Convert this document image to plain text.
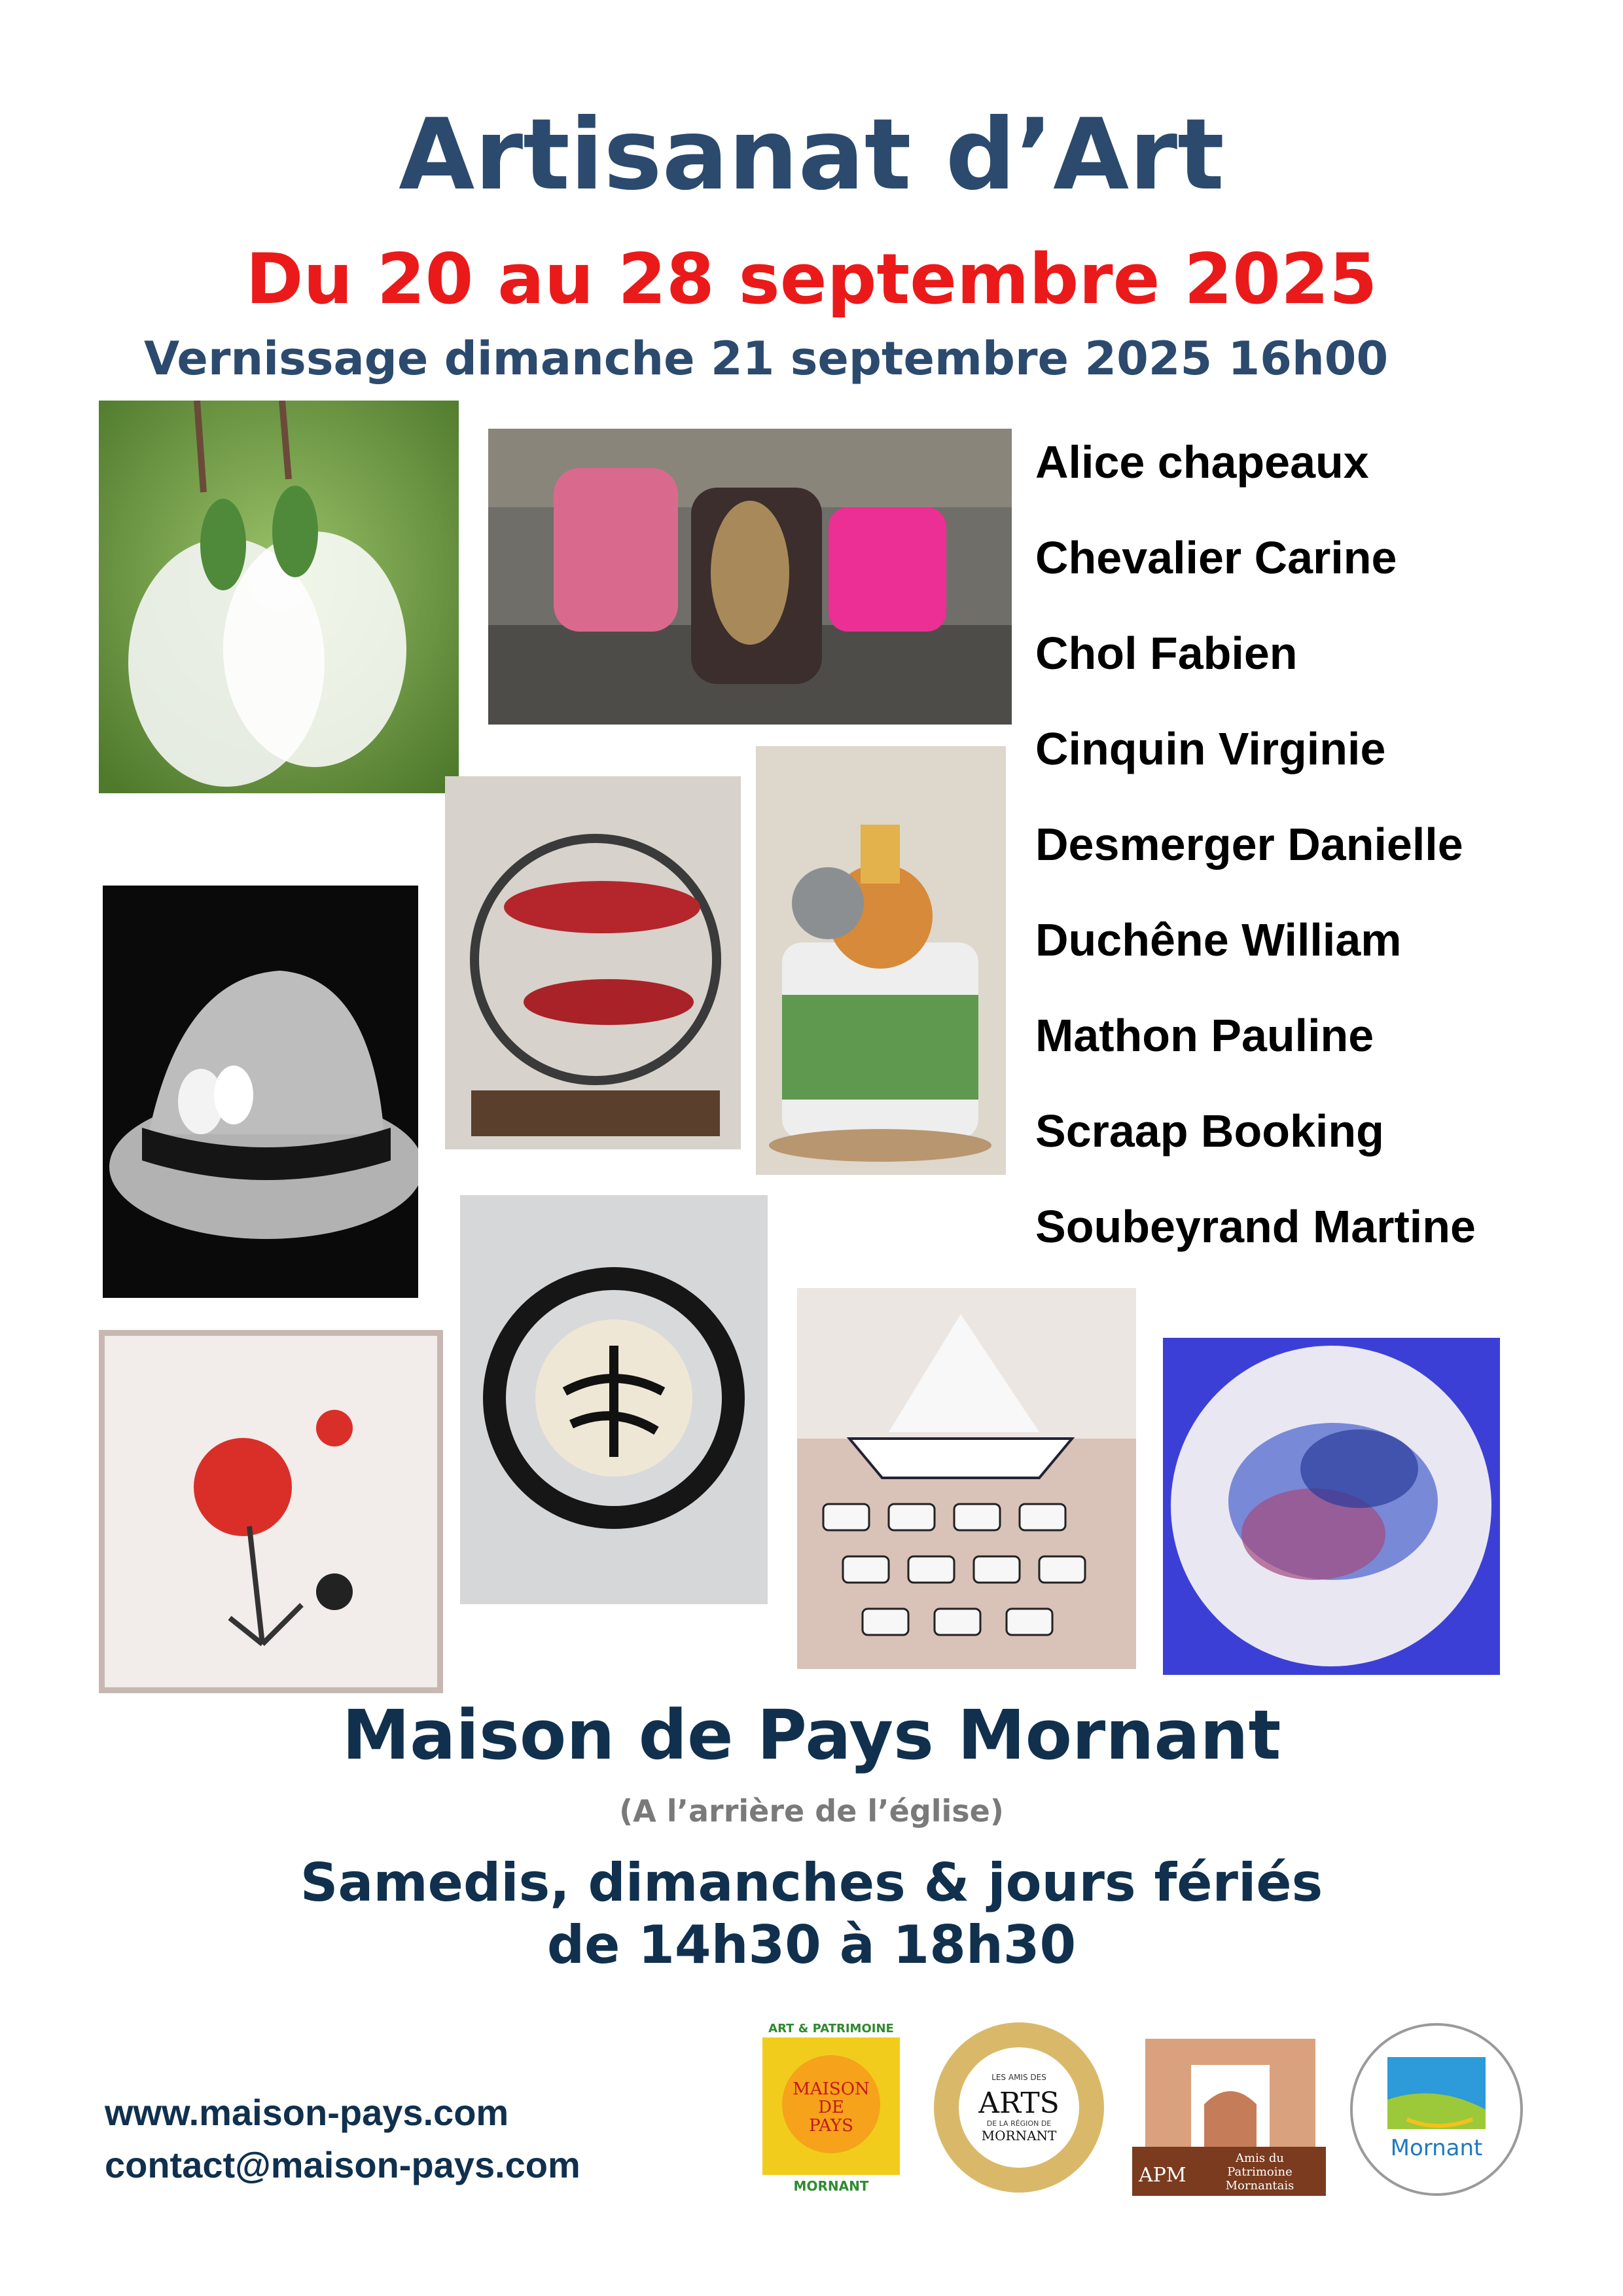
Artisanat d’Art
Du 20 au 28 septembre 2025
Vernissage dimanche 21 septembre 2025 16h00
Alice chapeaux
Chevalier Carine
Chol Fabien
Cinquin Virginie
Desmerger Danielle
Duchêne William
Mathon Pauline
Scraap Booking
Soubeyrand Martine
Maison de Pays Mornant
(A l’arrière de l’église)
Samedis, dimanches & jours fériés
de 14h30 à 18h30
www.maison-pays.com
contact@maison-pays.com
ART & PATRIMOINE
MAISON
DE
PAYS
MORNANT
LES AMIS DES
ARTS
DE LA RÉGION DE
MORNANT
APM
Amis du
Patrimoine
Mornantais
Mornant
